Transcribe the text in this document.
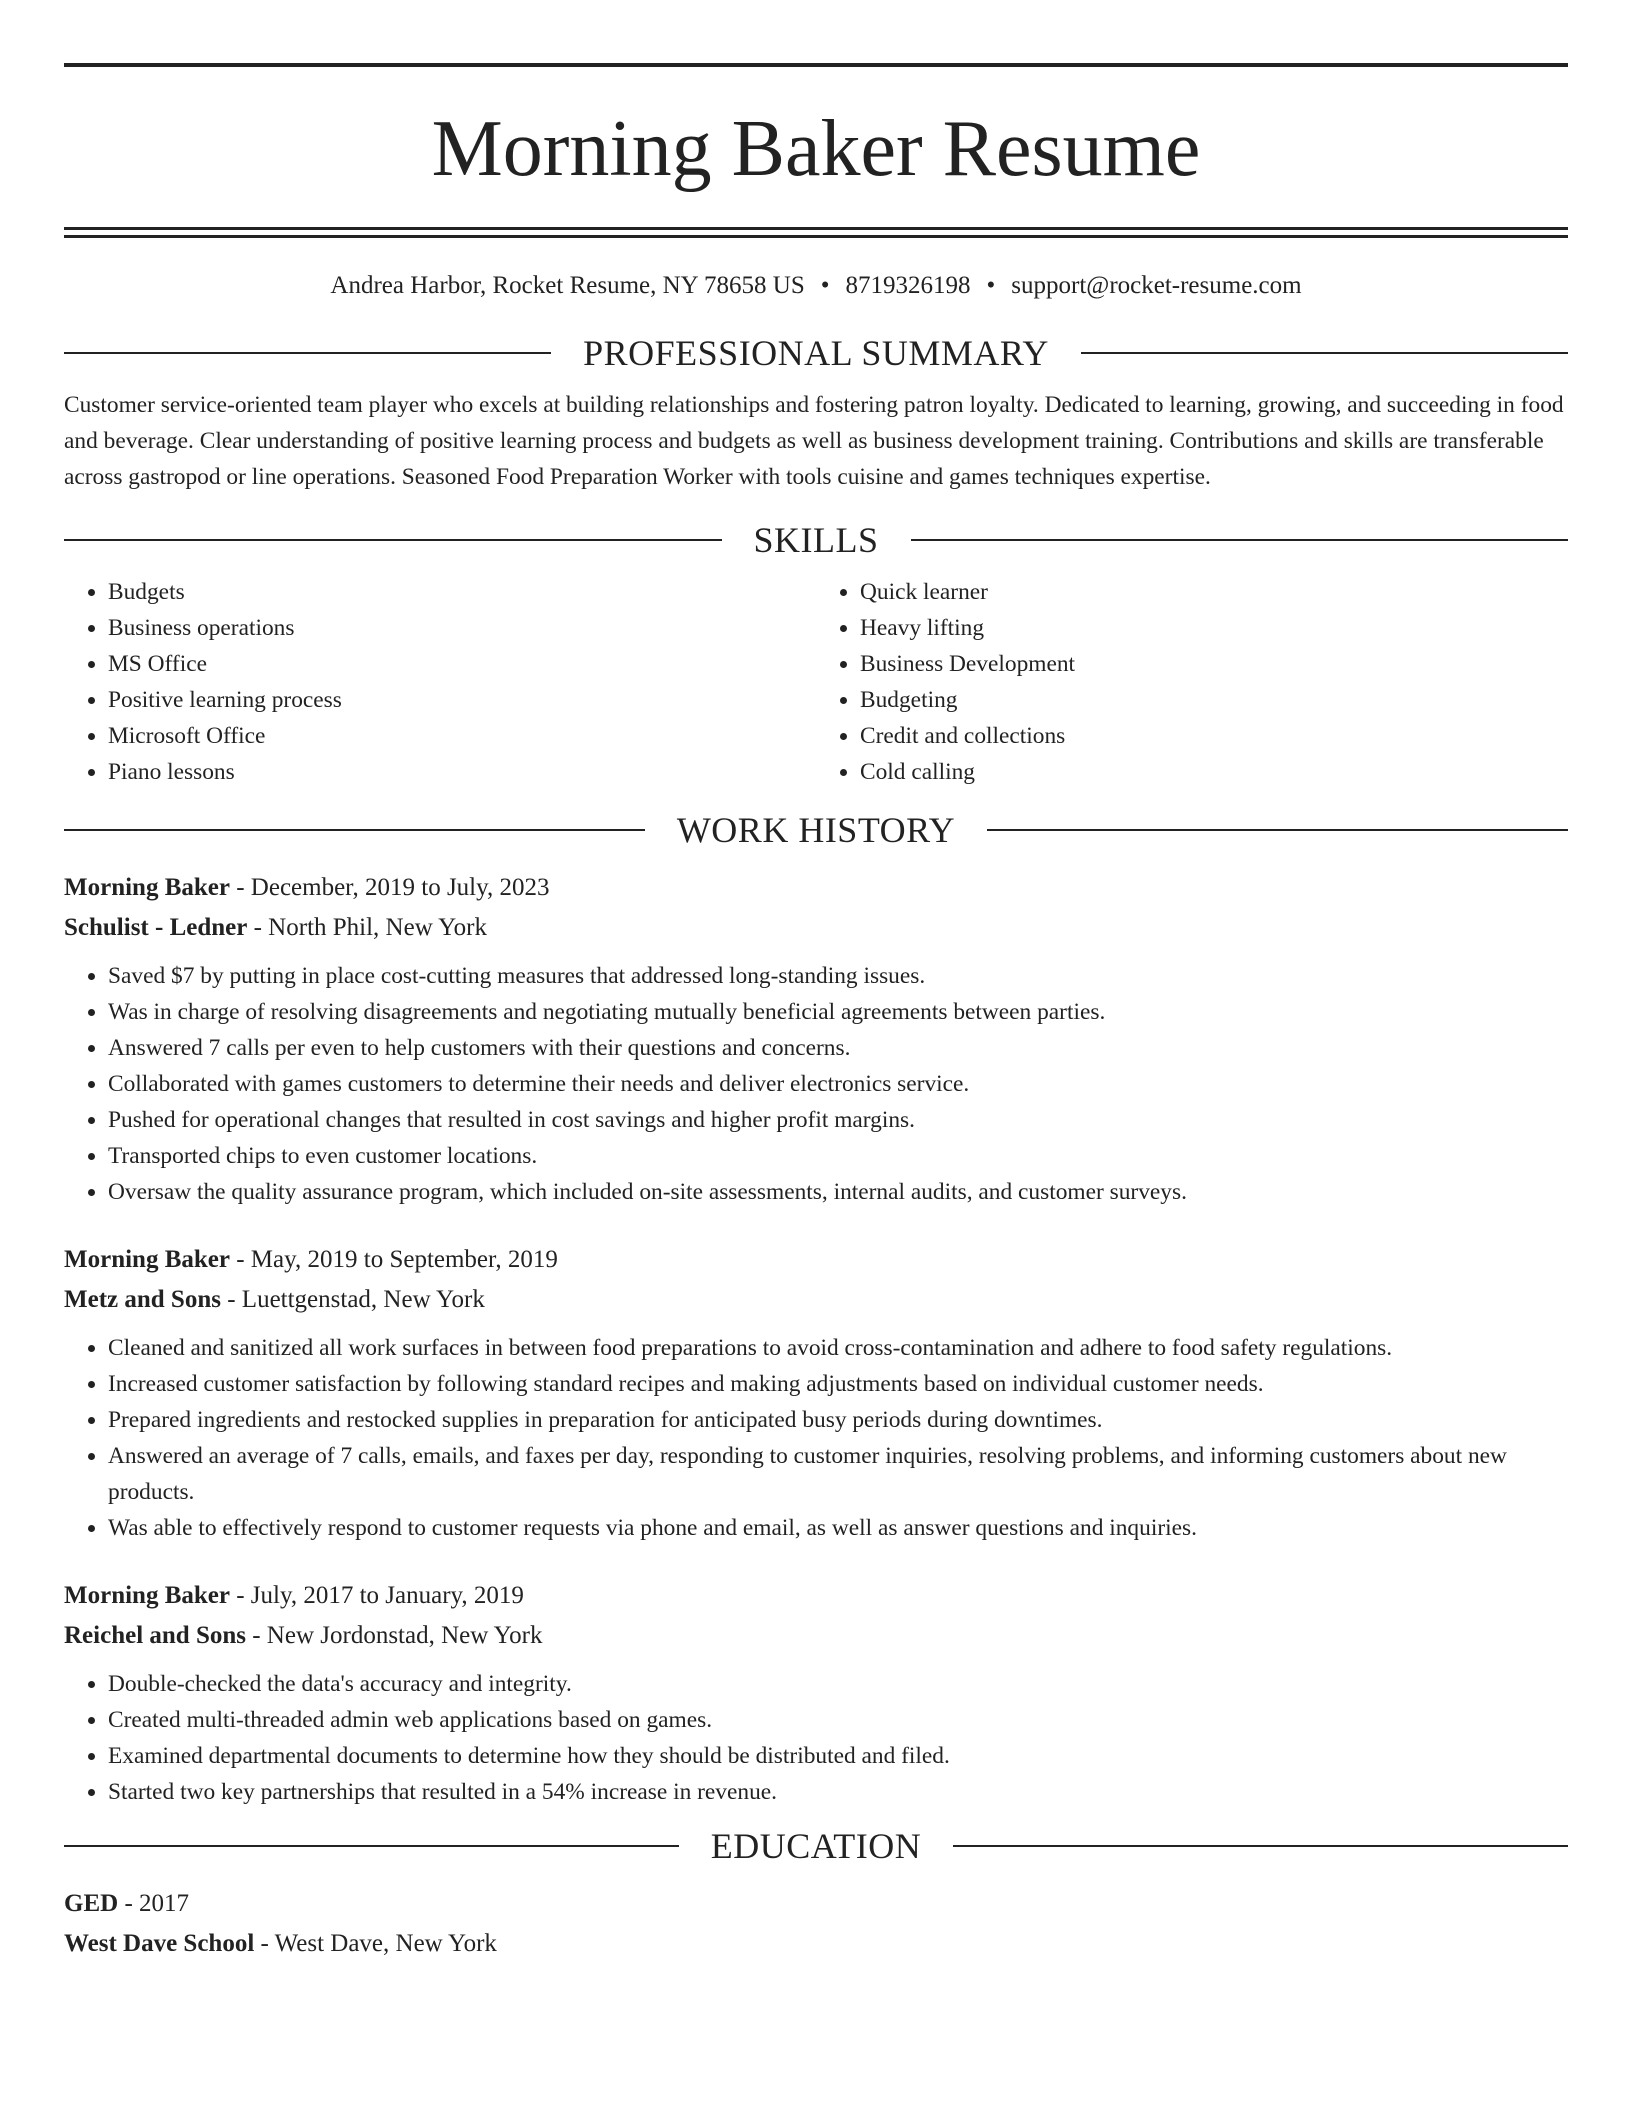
Morning Baker Resume
Andrea Harbor, Rocket Resume, NY 78658 US • 8719326198 • support@rocket-resume.com
PROFESSIONAL SUMMARY

Customer service-oriented team player who excels at building relationships and fostering patron loyalty. Dedicated to learning, growing, and succeeding in food and beverage. Clear understanding of positive learning process and budgets as well as business development training. Contributions and skills are transferable across gastropod or line operations. Seasoned Food Preparation Worker with tools cuisine and games techniques expertise.

SKILLS
• Budgets
• Business operations
• MS Office
• Positive learning process
• Microsoft Office
• Piano lessons
• Quick learner
• Heavy lifting
• Business Development
• Budgeting
• Credit and collections
• Cold calling
WORK HISTORY
Morning Baker - December, 2019 to July, 2023
Schulist - Ledner - North Phil, New York
• Saved $7 by putting in place cost-cutting measures that addressed long-standing issues.
• Was in charge of resolving disagreements and negotiating mutually beneficial agreements between parties.
• Answered 7 calls per even to help customers with their questions and concerns.
• Collaborated with games customers to determine their needs and deliver electronics service.
• Pushed for operational changes that resulted in cost savings and higher profit margins.
• Transported chips to even customer locations.
• Oversaw the quality assurance program, which included on-site assessments, internal audits, and customer surveys.
Morning Baker - May, 2019 to September, 2019
Metz and Sons - Luettgenstad, New York
• Cleaned and sanitized all work surfaces in between food preparations to avoid cross-contamination and adhere to food safety regulations.
• Increased customer satisfaction by following standard recipes and making adjustments based on individual customer needs.
• Prepared ingredients and restocked supplies in preparation for anticipated busy periods during downtimes.
• Answered an average of 7 calls, emails, and faxes per day, responding to customer inquiries, resolving problems, and informing customers about new products.
• Was able to effectively respond to customer requests via phone and email, as well as answer questions and inquiries.
Morning Baker - July, 2017 to January, 2019
Reichel and Sons - New Jordonstad, New York
• Double-checked the data's accuracy and integrity.
• Created multi-threaded admin web applications based on games.
• Examined departmental documents to determine how they should be distributed and filed.
• Started two key partnerships that resulted in a 54% increase in revenue.
EDUCATION
GED - 2017
West Dave School - West Dave, New York
